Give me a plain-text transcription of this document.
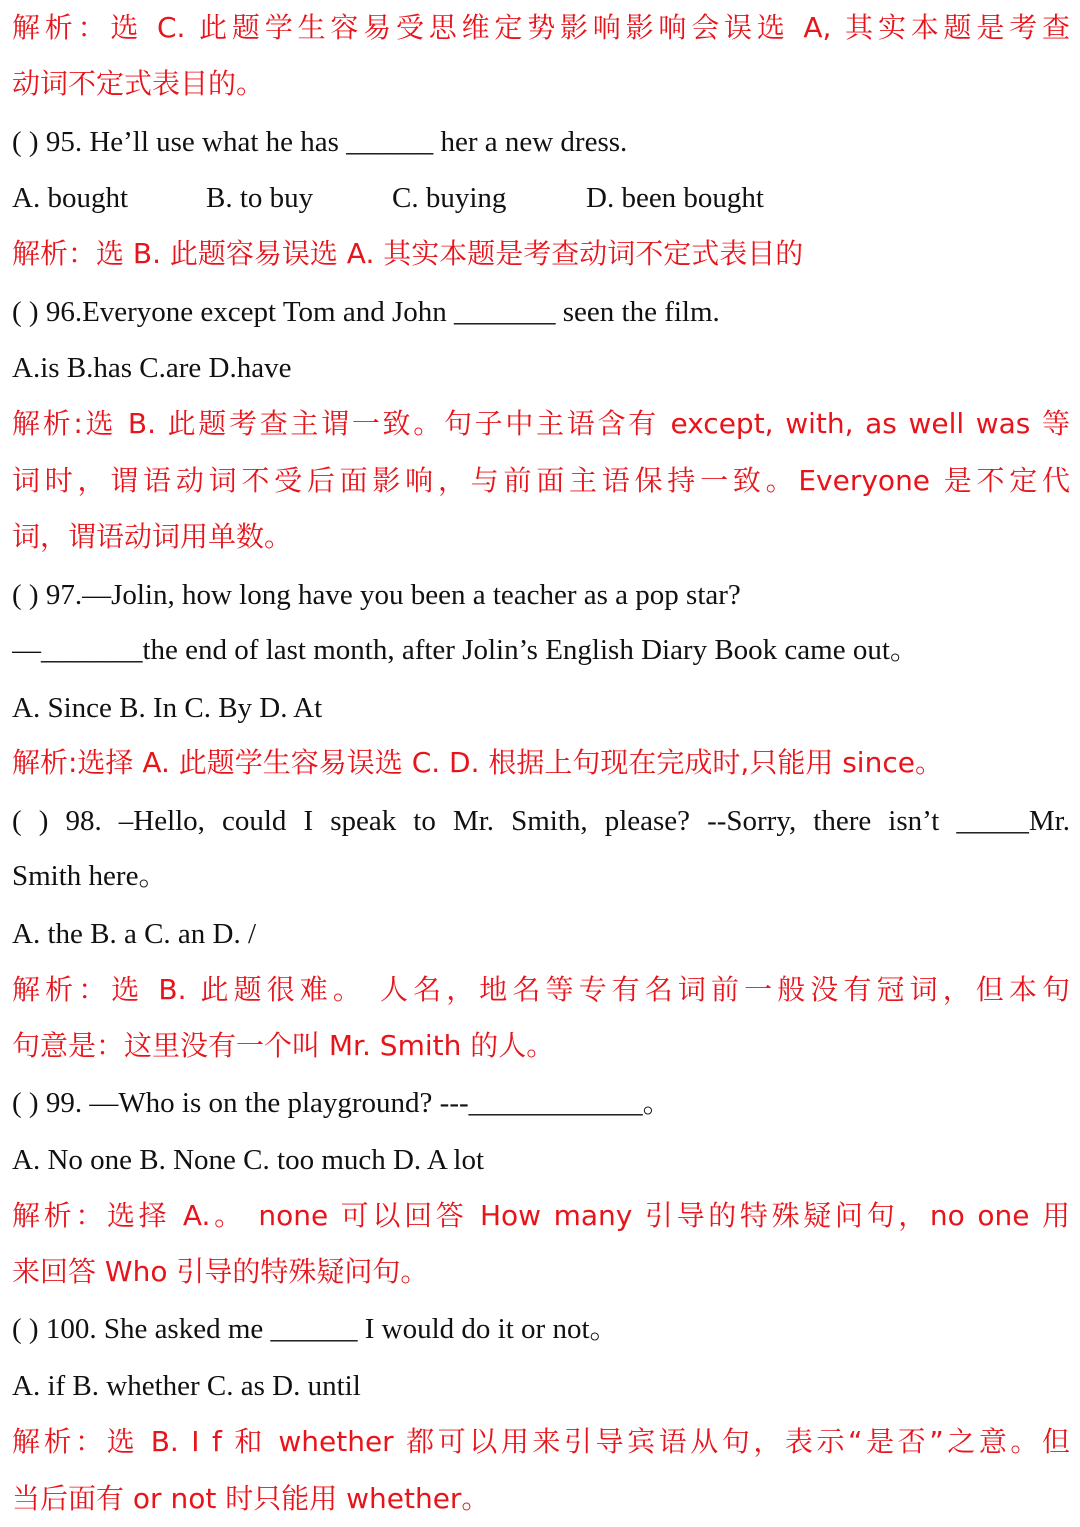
解析：选 C. 此题学生容易受思维定势影响影响会误选 A, 其实本题是考查
动词不定式表目的。
( ) 95. He’ll use what he has ______ her a new dress.
A. bought	B. to buy	C. buying	D. been bought
解析：选 B. 此题容易误选 A. 其实本题是考查动词不定式表目的
( ) 96.Everyone except Tom and John _______ seen the film.
A.is B.has C.are D.have
解析:选 B. 此题考查主谓一致。句子中主语含有 except, with, as well was 等
词时，谓语动词不受后面影响，与前面主语保持一致。Everyone 是不定代
词，谓语动词用单数。
( ) 97.—Jolin, how long have you been a teacher as a pop star?
—_______the end of last month, after Jolin’s English Diary Book came out。
A. Since B. In C. By D. At
解析:选择 A. 此题学生容易误选 C. D. 根据上句现在完成时,只能用 since。
( ) 98. –Hello, could I speak to Mr. Smith, please? --Sorry, there isn’t _____Mr.
Smith here。
A. the B. a C. an D. /
解析：选 B. 此题很难。 人名，地名等专有名词前一般没有冠词，但本句
句意是：这里没有一个叫 Mr. Smith 的人。
( ) 99. —Who is on the playground? ---____________。
A. No one B. None C. too much D. A lot
解析：选择 A.。 none 可以回答 How many 引导的特殊疑问句，no one 用
来回答 Who 引导的特殊疑问句。
( ) 100. She asked me ______ I would do it or not。
A. if B. whether C. as D. until
解析：选 B. I f 和 whether 都可以用来引导宾语从句，表示“是否”之意。但
当后面有 or not 时只能用 whether。
